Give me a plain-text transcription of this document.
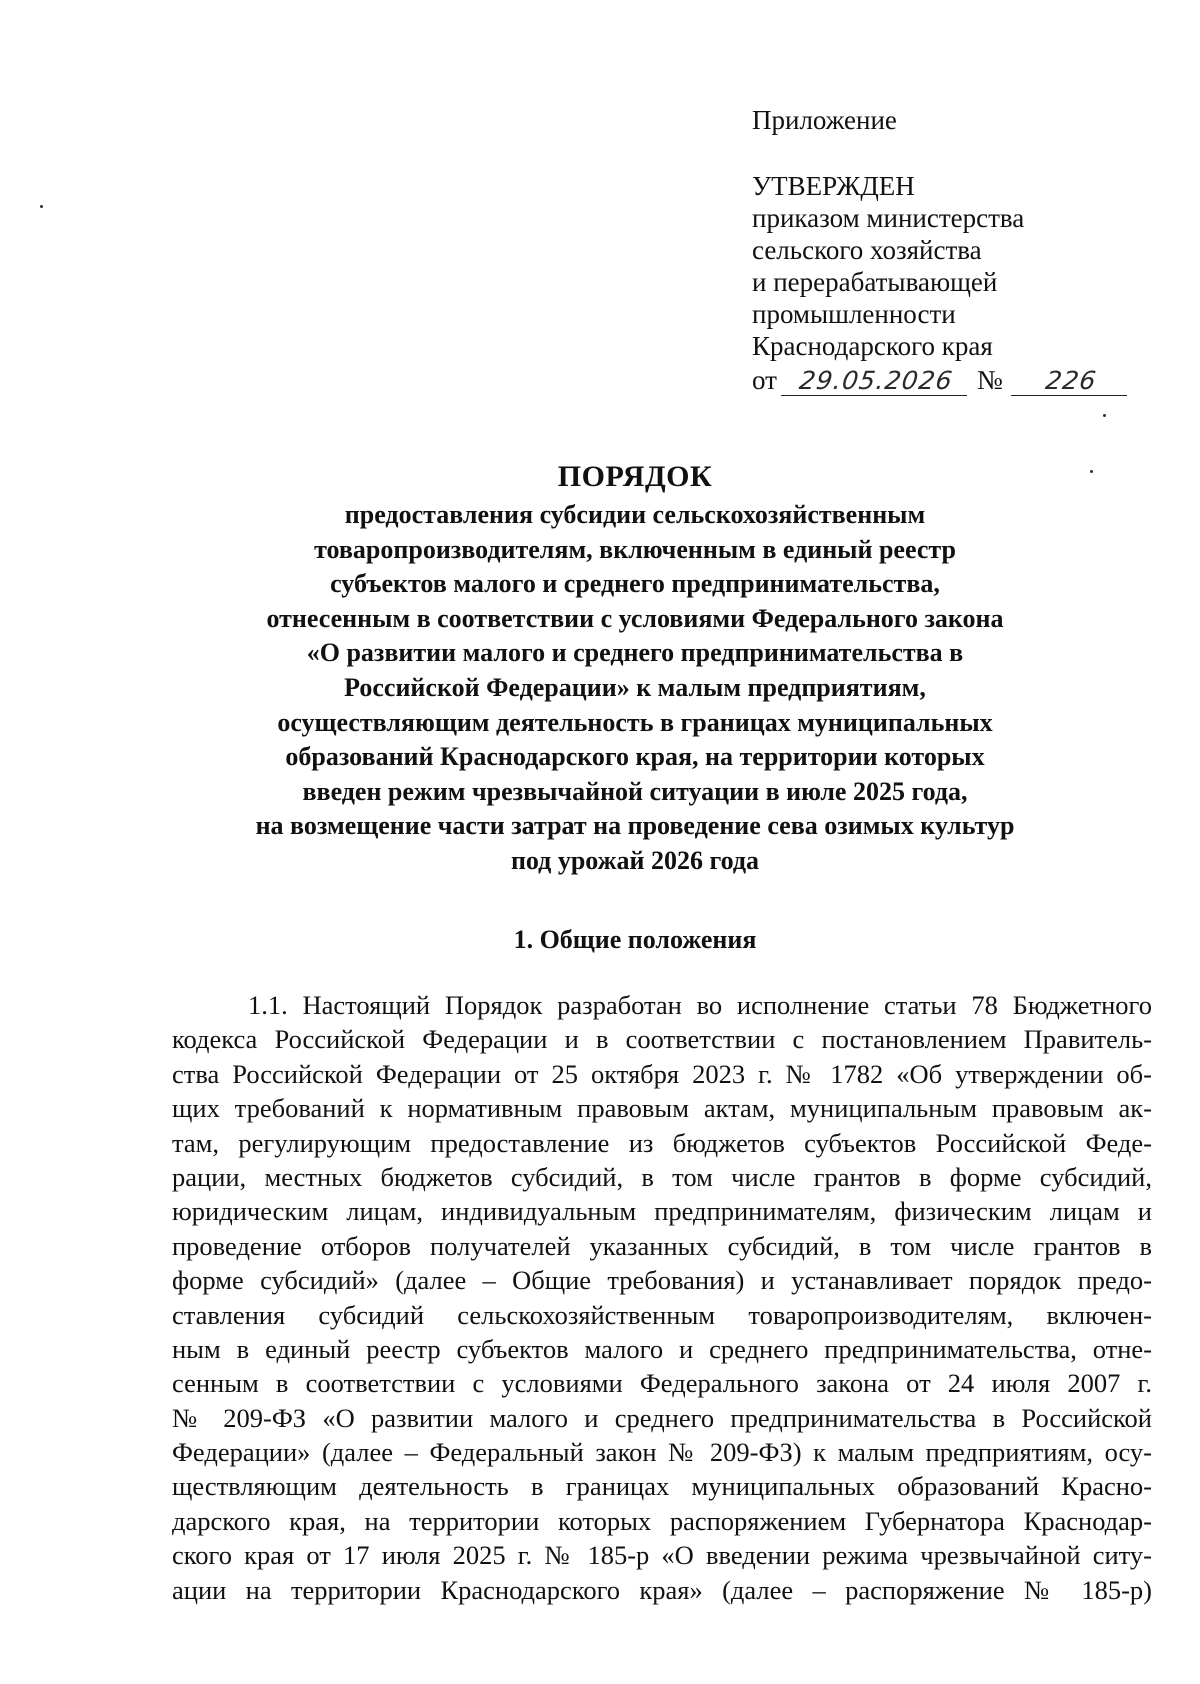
Приложение

УТВЕРЖДЕН

приказом министерства

сельского хозяйства

и перерабатывающей

промышленности

Краснодарского края

от 29.05.2026 №	226

ПОРЯДОК

предоставления субсидии сельскохозяйственным

товаропроизводителям, включенным в единый реестр

субъектов малого и среднего предпринимательства,

отнесенным в соответствии с условиями Федерального закона

«О развитии малого и среднего предпринимательства в

Российской Федерации» к малым предприятиям,

осуществляющим деятельность в границах муниципальных

образований Краснодарского края, на территории которых

введен режим чрезвычайной ситуации в июле 2025 года,

на возмещение части затрат на проведение сева озимых культур

под урожай 2026 года

1. Общие положения

1.1. Настоящий Порядок разработан во исполнение статьи 78 Бюджетного
кодекса Российской Федерации и в соответствии с постановлением Правитель-
ства Российской Федерации от 25 октября 2023 г. № 1782 «Об утверждении об-
щих требований к нормативным правовым актам, муниципальным правовым ак-
там, регулирующим предоставление из бюджетов субъектов Российской Феде-
рации, местных бюджетов субсидий, в том числе грантов в форме субсидий,
юридическим лицам, индивидуальным предпринимателям, физическим лицам и
проведение отборов получателей указанных субсидий, в том числе грантов в
форме субсидий» (далее – Общие требования) и устанавливает порядок предо-
ставления субсидий сельскохозяйственным товаропроизводителям, включен-
ным в единый реестр субъектов малого и среднего предпринимательства, отне-
сенным в соответствии с условиями Федерального закона от 24 июля 2007 г.
№ 209-ФЗ «О развитии малого и среднего предпринимательства в Российской
Федерации» (далее – Федеральный закон № 209-ФЗ) к малым предприятиям, осу-
ществляющим деятельность в границах муниципальных образований Красно-
дарского края, на территории которых распоряжением Губернатора Краснодар-
ского края от 17 июля 2025 г. № 185-р «О введении режима чрезвычайной ситу-
ации на территории Краснодарского края» (далее – распоряжение № 185-р)
